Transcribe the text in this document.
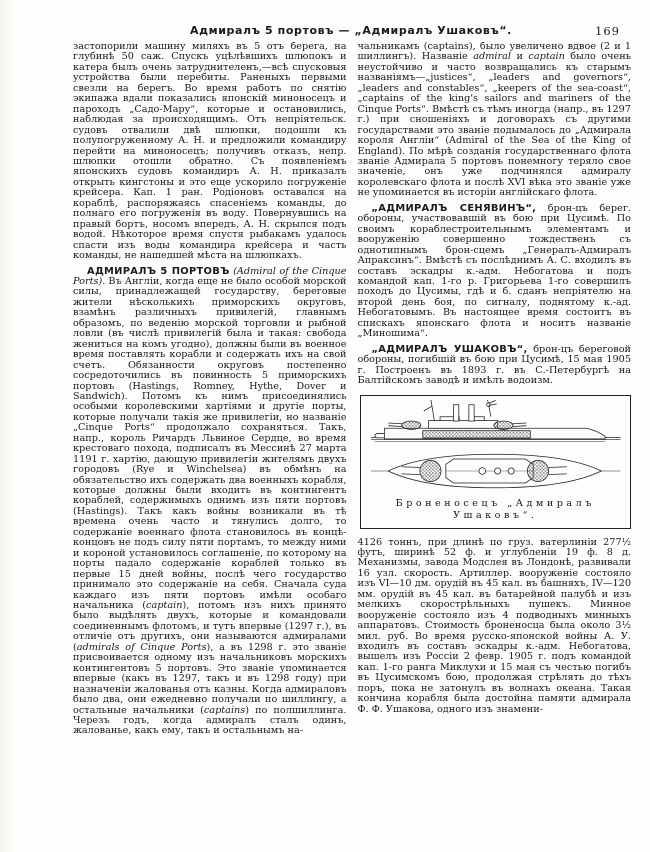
Адмиралъ 5 портовъ — „Адмиралъ Ушаковъ“.	169

застопорили машину миляхъ въ 5 отъ берега, на глубинѣ 50 саж. Спускъ уцѣлѣвшихъ шлюпокъ и катера былъ очень затруднителенъ,—всѣ спусковыя устройства были перебиты. Раненыхъ первыми свезли на берегъ. Во время работъ по снятію экипажа вдали показались японскій миноносецъ и пароходъ „Садо-Мару“, которые и остановились, наблюдая за происходящимъ. Отъ непріятельск. судовъ отвалили двѣ шлюпки, подошли къ полупогруженному А. Н. и предложили командиру перейти на миноносецъ; получивъ отказъ, непр. шлюпки отошли обратно. Съ появленіемъ японскихъ судовъ командиръ А. Н. приказалъ открыть кингстоны и это еще ускорило погруженіе крейсера. Кап. 1 ран. Родіоновъ оставался на кораблѣ, распоряжаясь спасеніемъ команды, до полнаго его погруженія въ воду. Повернувшись на правый бортъ, носомъ впередъ, А. Н. скрылся подъ водой. Нѣкоторое время спустя рыбакамъ удалось спасти изъ воды командира крейсера и часть команды, не нашедшей мѣста на шлюпкахъ.

АДМИРАЛЪ 5 ПОРТОВЪ (Admiral of the Cinque Ports). Въ Англіи, когда еще не было особой морской силы, принадлежащей государству, береговые жители нѣсколькихъ приморскихъ округовъ, взамѣнъ различныхъ привилегій, главнымъ образомъ, по веденію морской торговли и рыбной ловли (въ числѣ привилегій была и такая: свобода жениться на комъ угодно), должны были въ военное время поставлять корабли и содержать ихъ на свой счетъ. Обязанности округовъ постепенно сосредоточились въ повинность 5 приморскихъ портовъ (Hastings, Romney, Hythe, Dover и Sandwich). Потомъ къ нимъ присоединялись особыми королевскими хартіями и другіе порты, которые получали такія же привилегіи, но названіе „Cinque Ports“ продолжало сохраняться. Такъ, напр., король Ричардъ Львиное Сердце, во время крестоваго похода, подписалъ въ Мессинѣ 27 марта 1191 г. хартію, дающую привилегіи жителямъ двухъ городовъ (Rye и Winchelsea) въ обмѣнъ на обязательство ихъ содержать два военныхъ корабля, которые должны были входить въ контингентъ кораблей, содержимыхъ однимъ изъ пяти портовъ (Hastings). Такъ какъ войны возникали въ тѣ времена очень часто и тянулись долго, то содержаніе военнаго флота становилось въ концѣ-концовъ не подъ силу пяти портамъ, то между ними и короной установилось соглашеніе, по которому на порты падало содержаніе кораблей только въ первые 15 дней войны, послѣ чего государство принимало это содержаніе на себя. Сначала суда каждаго изъ пяти портовъ имѣли особаго начальника (captain), потомъ изъ нихъ принято было выдѣлять двухъ, которые и командовали соединеннымъ флотомъ, и тутъ впервые (1297 г.), въ отличіе отъ другихъ, они называются адмиралами (admirals of Cinque Ports), а въ 1298 г. это званіе присвоивается одному изъ начальниковъ морскихъ контингентовъ 5 портовъ. Это званіе упоминается впервые (какъ въ 1297, такъ и въ 1298 году) при назначеніи жалованья отъ казны. Когда адмираловъ было два, они ежедневно получали по шиллингу, а остальные начальники (captains) по полшиллинга. Черезъ годъ, когда адмиралъ сталъ одинъ, жалованье, какъ ему, такъ и остальнымъ на-

чальникамъ (captains), было увеличено вдвое (2 и 1 шиллингъ). Названіе admiral и captain было очень неустойчиво и часто возвращались къ старымъ названіямъ—„justices“, „leaders and governors“, „leaders and constables“, „keepers of the sea-coast“, „captains of the king's sailors and mariners of the Cinque Ports“. Вмѣстѣ съ тѣмъ иногда (напр., въ 1297 г.) при сношеніяхъ и договорахъ съ другими государствами это званіе подымалось до „Адмирала короля Англіи“ (Admiral of the Sea of the King of England). По мѣрѣ созданія государственнаго флота званіе Адмирала 5 портовъ понемногу теряло свое значеніе, онъ уже подчинялся адмиралу королевскаго флота и послѣ XVI вѣка это званіе уже не упоминается въ исторіи англійскаго флота.

„АДМИРАЛЪ СЕНЯВИНЪ“, брон-цъ берег. обороны, участвовавшій въ бою при Цусимѣ. По своимъ кораблестроительнымъ элементамъ и вооруженію совершенно тождественъ съ однотипнымъ брон-сцемъ „Генералъ-Адмиралъ Апраксинъ“. Вмѣстѣ съ послѣднимъ А. С. входилъ въ составъ эскадры к.-адм. Небогатова и подъ командой кап. 1-го р. Григорьева 1-го совершилъ походъ до Цусимы, гдѣ и б. сданъ непріятелю на второй день боя, по сигналу, поднятому к.-ад. Небогатовымъ. Въ настоящее время состоитъ въ спискахъ японскаго флота и носитъ названіе „Миношима“.

„АДМИРАЛЪ УШАКОВЪ“, брон-цъ береговой обороны, погибшій въ бою при Цусимѣ, 15 мая 1905 г. Построенъ въ 1893 г. въ С.-Петербургѣ на Балтійскомъ заводѣ и имѣлъ водоизм.

Броненосецъ „Адмиралъ
Ушаковъ“.

4126 тоннъ, при длинѣ по груз. ватерлиніи 277½ футъ, ширинѣ 52 ф. и углубленіи 19 ф. 8 д. Механизмы, завода Модслея въ Лондонѣ, развивали 16 узл. скорость. Артиллер. вооруженіе состояло изъ VI—10 дм. орудій въ 45 кал. въ башняхъ, IV—120 мм. орудій въ 45 кал. въ батарейной палубѣ и изъ мелкихъ скорострѣльныхъ пушекъ. Минное вооруженіе состояло изъ 4 подводныхъ минныхъ аппаратовъ. Стоимость броненосца была около 3½ мил. руб. Во время русско-японской войны А. У. входилъ въ составъ эскадры к.-адм. Небогатова, вышелъ изъ Россіи 2 февр. 1905 г. подъ командой кап. 1-го ранга Миклухи и 15 мая съ честью погибъ въ Цусимскомъ бою, продолжая стрѣлять до тѣхъ поръ, пока не затонулъ въ волнахъ океана. Такая кончина корабля была достойна памяти адмирала Ф. Ф. Ушакова, одного изъ знамени-
